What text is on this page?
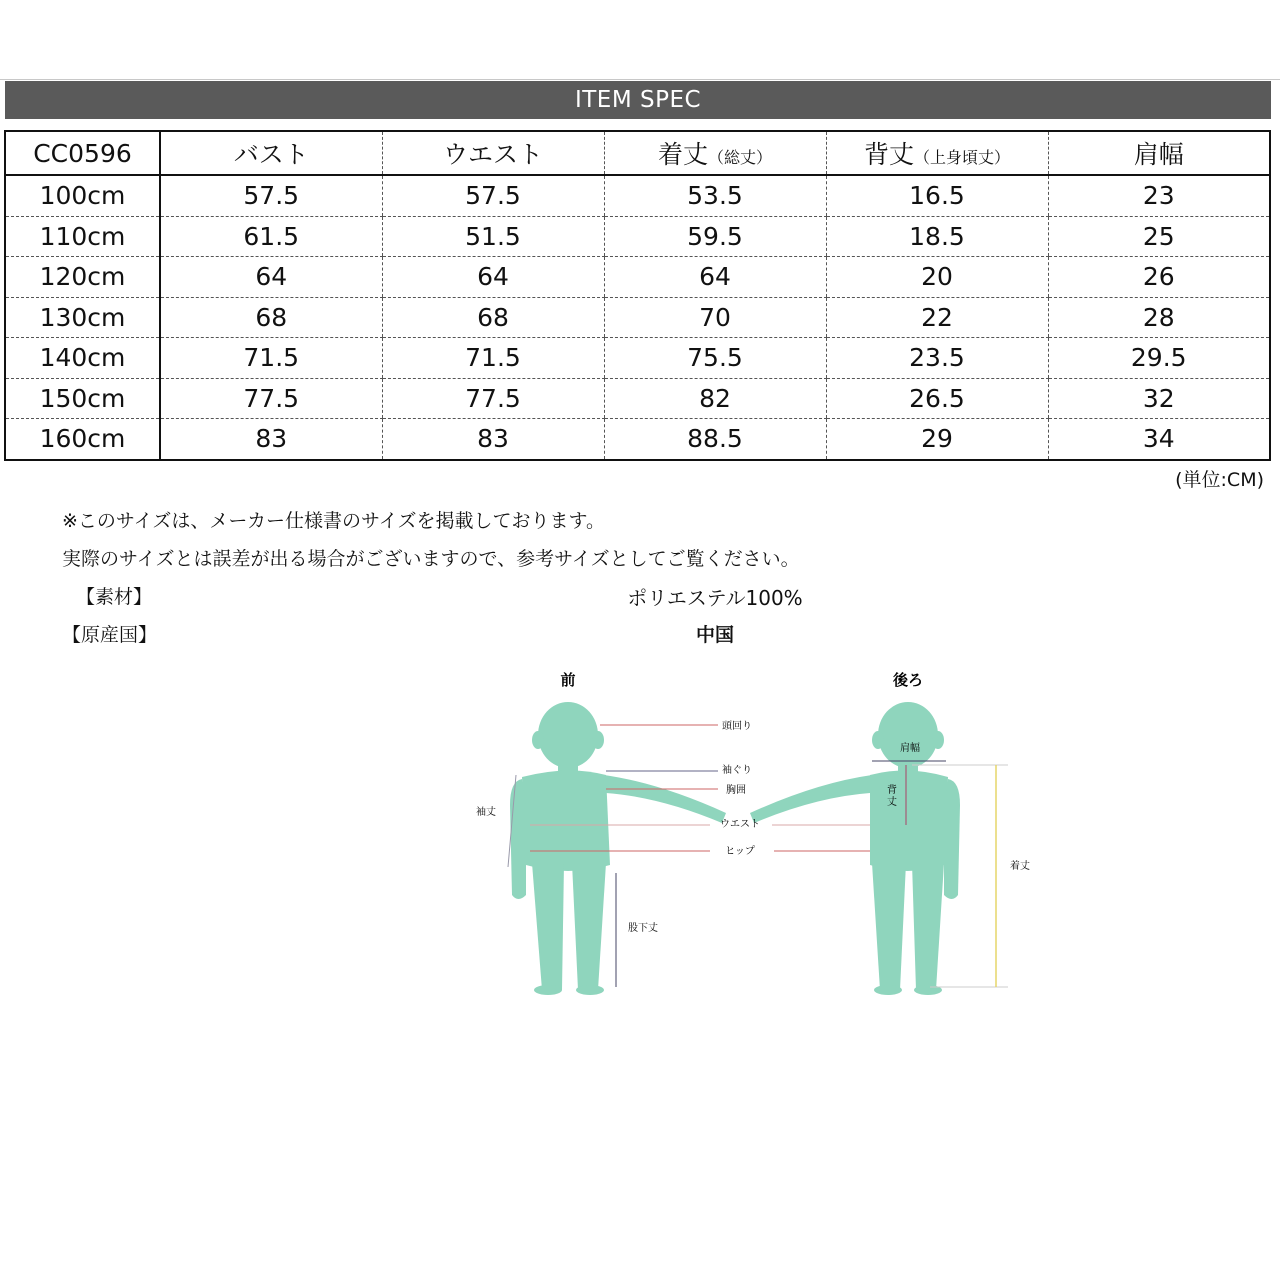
ITEM SPEC
CC0596	バスト	ウエスト	着丈（総丈）	背丈（上身頃丈）	肩幅
100cm	57.5	57.5	53.5	16.5	23
110cm	61.5	51.5	59.5	18.5	25
120cm	64	64	64	20	26
130cm	68	68	70	22	28
140cm	71.5	71.5	75.5	23.5	29.5
150cm	77.5	77.5	82	26.5	32
160cm	83	83	88.5	29	34
(単位:CM)
※このサイズは、メーカー仕様書のサイズを掲載しております。
実際のサイズとは誤差が出る場合がございますので、参考サイズとしてご覧ください。
【素材】	ポリエステル100%
【原産国】	中国
前	後ろ
頭回り
袖ぐり
胸囲
ウエスト
ヒップ
袖丈
股下丈
肩幅
背
丈
着丈
